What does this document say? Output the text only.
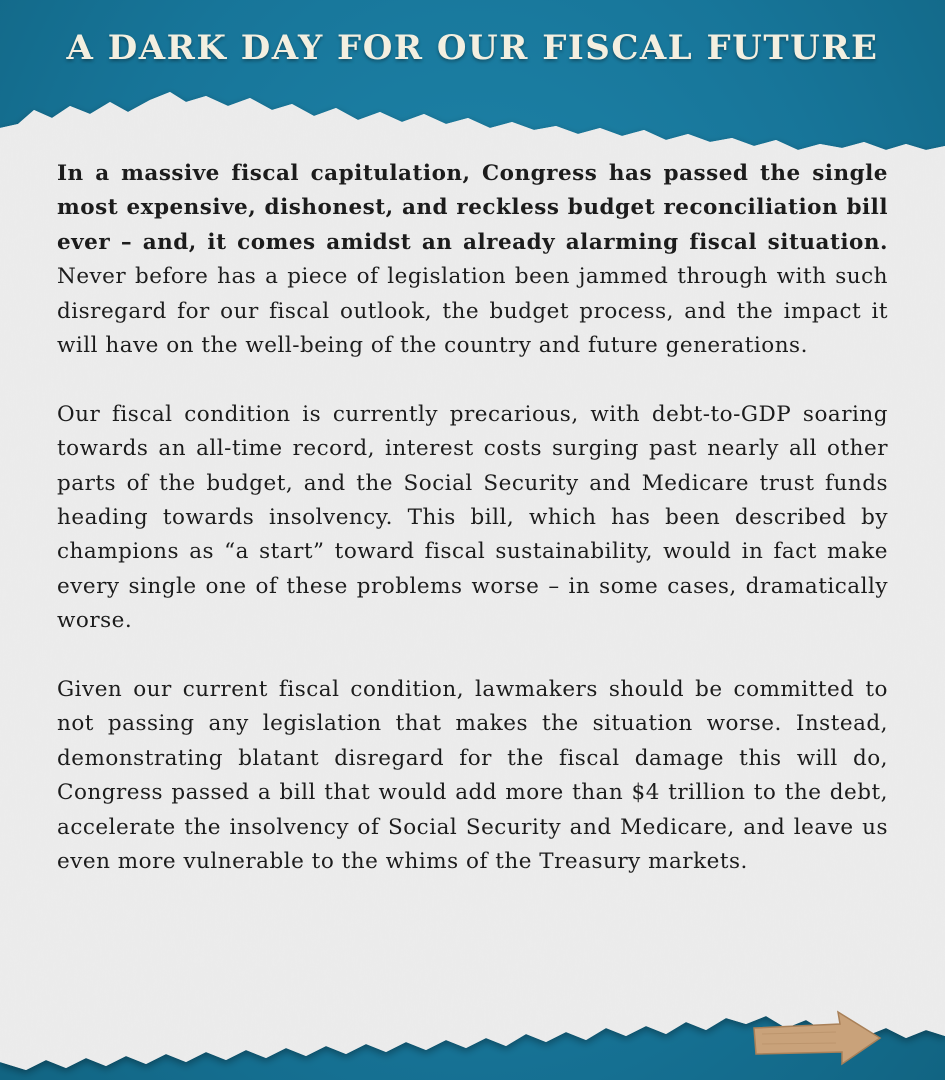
A DARK DAY FOR OUR FISCAL FUTURE

In a massive fiscal capitulation, Congress has passed the single most expensive, dishonest, and reckless budget reconciliation bill ever – and, it comes amidst an already alarming fiscal situation. Never before has a piece of legislation been jammed through with such disregard for our fiscal outlook, the budget process, and the impact it will have on the well-being of the country and future generations.

Our fiscal condition is currently precarious, with debt-to-GDP soaring towards an all-time record, interest costs surging past nearly all other parts of the budget, and the Social Security and Medicare trust funds heading towards insolvency. This bill, which has been described by champions as “a start” toward fiscal sustainability, would in fact make every single one of these problems worse – in some cases, dramatically worse.

Given our current fiscal condition, lawmakers should be committed to not passing any legislation that makes the situation worse. Instead, demonstrating blatant disregard for the fiscal damage this will do, Congress passed a bill that would add more than $4 trillion to the debt, accelerate the insolvency of Social Security and Medicare, and leave us even more vulnerable to the whims of the Treasury markets.
